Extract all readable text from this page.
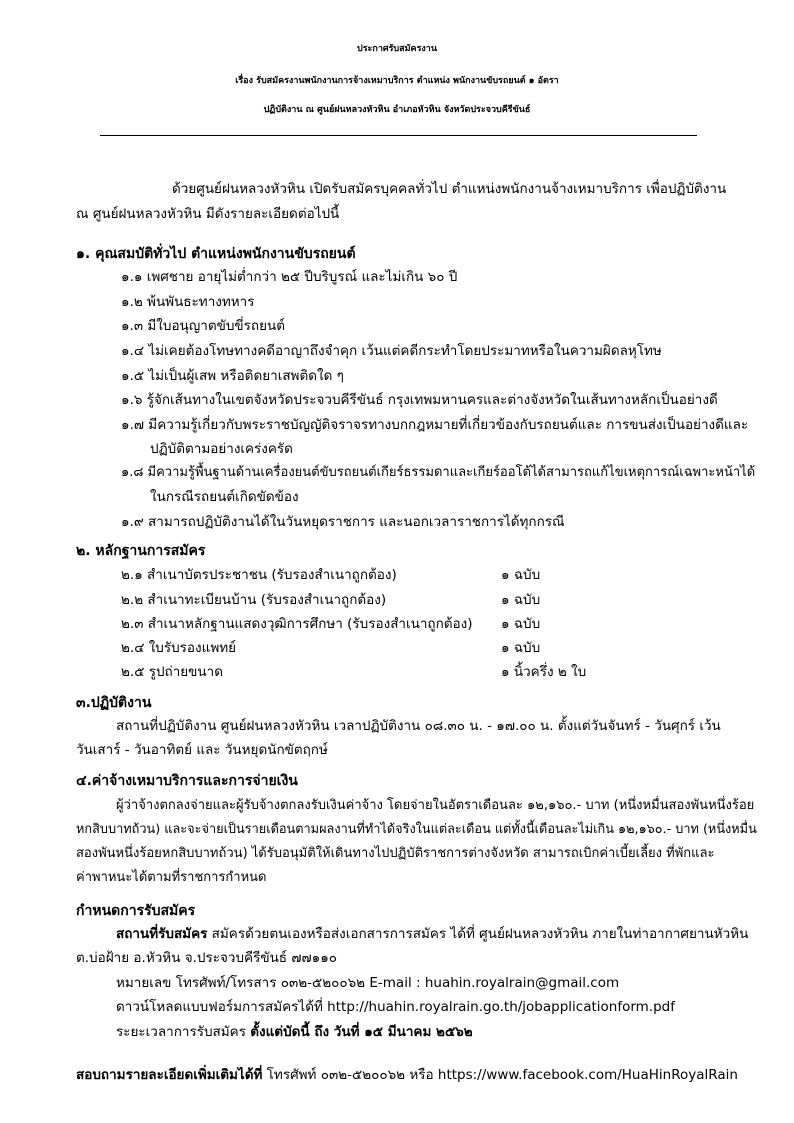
ประกาศรับสมัครงาน
เรื่อง รับสมัครงานพนักงานการจ้างเหมาบริการ ตำแหน่ง พนักงานขับรถยนต์ ๑ อัตรา
ปฏิบัติงาน ณ ศูนย์ฝนหลวงหัวหิน อำเภอหัวหิน จังหวัดประจวบคีรีขันธ์
ด้วยศูนย์ฝนหลวงหัวหิน เปิดรับสมัครบุคคลทั่วไป ตำแหน่งพนักงานจ้างเหมาบริการ เพื่อปฏิบัติงาน
ณ ศูนย์ฝนหลวงหัวหิน มีดังรายละเอียดต่อไปนี้
๑. คุณสมบัติทั่วไป ตำแหน่งพนักงานขับรถยนต์
๑.๑ เพศชาย อายุไม่ต่ำกว่า ๒๕ ปีบริบูรณ์ และไม่เกิน ๖๐ ปี
๑.๒ พ้นพันธะทางทหาร
๑.๓ มีใบอนุญาตขับขี่รถยนต์
๑.๔ ไม่เคยต้องโทษทางคดีอาญาถึงจำคุก เว้นแต่คดีกระทำโดยประมาทหรือในความผิดลหุโทษ
๑.๕ ไม่เป็นผู้เสพ หรือติดยาเสพติดใด ๆ
๑.๖ รู้จักเส้นทางในเขตจังหวัดประจวบคีรีขันธ์ กรุงเทพมหานครและต่างจังหวัดในเส้นทางหลักเป็นอย่างดี
๑.๗ มีความรู้เกี่ยวกับพระราชบัญญัติจราจรทางบกกฎหมายที่เกี่ยวข้องกับรถยนต์และ การขนส่งเป็นอย่างดีและ
ปฏิบัติตามอย่างเคร่งครัด
๑.๘ มีความรู้พื้นฐานด้านเครื่องยนต์ขับรถยนต์เกียร์ธรรมดาและเกียร์ออโต้ได้สามารถแก้ไขเหตุการณ์เฉพาะหน้าได้
ในกรณีรถยนต์เกิดขัดข้อง
๑.๙ สามารถปฏิบัติงานได้ในวันหยุดราชการ และนอกเวลาราชการได้ทุกกรณี
๒. หลักฐานการสมัคร
๒.๑ สำเนาบัตรประชาชน (รับรองสำเนาถูกต้อง)	๑ ฉบับ
๒.๒ สำเนาทะเบียนบ้าน (รับรองสำเนาถูกต้อง)	๑ ฉบับ
๒.๓ สำเนาหลักฐานแสดงวุฒิการศึกษา (รับรองสำเนาถูกต้อง) ๑ ฉบับ
๒.๔ ใบรับรองแพทย์	๑ ฉบับ
๒.๕ รูปถ่ายขนาด	๑ นิ้วครึ่ง ๒ ใบ
๓.ปฏิบัติงาน
สถานที่ปฏิบัติงาน ศูนย์ฝนหลวงหัวหิน เวลาปฏิบัติงาน ๐๘.๓๐ น. - ๑๗.๐๐ น. ตั้งแต่วันจันทร์ - วันศุกร์ เว้น
วันเสาร์ - วันอาทิตย์ และ วันหยุดนักขัตฤกษ์
๔.ค่าจ้างเหมาบริการและการจ่ายเงิน
ผู้ว่าจ้างตกลงจ่ายและผู้รับจ้างตกลงรับเงินค่าจ้าง โดยจ่ายในอัตราเดือนละ ๑๒,๑๖๐.- บาท (หนึ่งหมื่นสองพันหนึ่งร้อย
หกสิบบาทถ้วน) และจะจ่ายเป็นรายเดือนตามผลงานที่ทำได้จริงในแต่ละเดือน แต่ทั้งนี้เดือนละไม่เกิน ๑๒,๑๖๐.- บาท (หนึ่งหมื่น
สองพันหนึ่งร้อยหกสิบบาทถ้วน) ได้รับอนุมัติให้เดินทางไปปฏิบัติราชการต่างจังหวัด สามารถเบิกค่าเบี้ยเลี้ยง ที่พักและ
ค่าพาหนะได้ตามที่ราชการกำหนด
กำหนดการรับสมัคร
สถานที่รับสมัคร สมัครด้วยตนเองหรือส่งเอกสารการสมัคร ได้ที่ ศูนย์ฝนหลวงหัวหิน ภายในท่าอากาศยานหัวหิน
ต.บ่อฝ้าย อ.หัวหิน จ.ประจวบคีรีขันธ์ ๗๗๑๑๐
หมายเลข โทรศัพท์/โทรสาร ๐๓๒-๕๒๐๐๖๒ E-mail : huahin.royalrain@gmail.com
ดาวน์โหลดแบบฟอร์มการสมัครได้ที่ http://huahin.royalrain.go.th/jobapplicationform.pdf
ระยะเวลาการรับสมัคร ตั้งแต่บัดนี้ ถึง วันที่ ๑๕ มีนาคม ๒๕๖๒
สอบถามรายละเอียดเพิ่มเติมได้ที่ โทรศัพท์ ๐๓๒-๕๒๐๐๖๒ หรือ https://www.facebook.com/HuaHinRoyalRain
